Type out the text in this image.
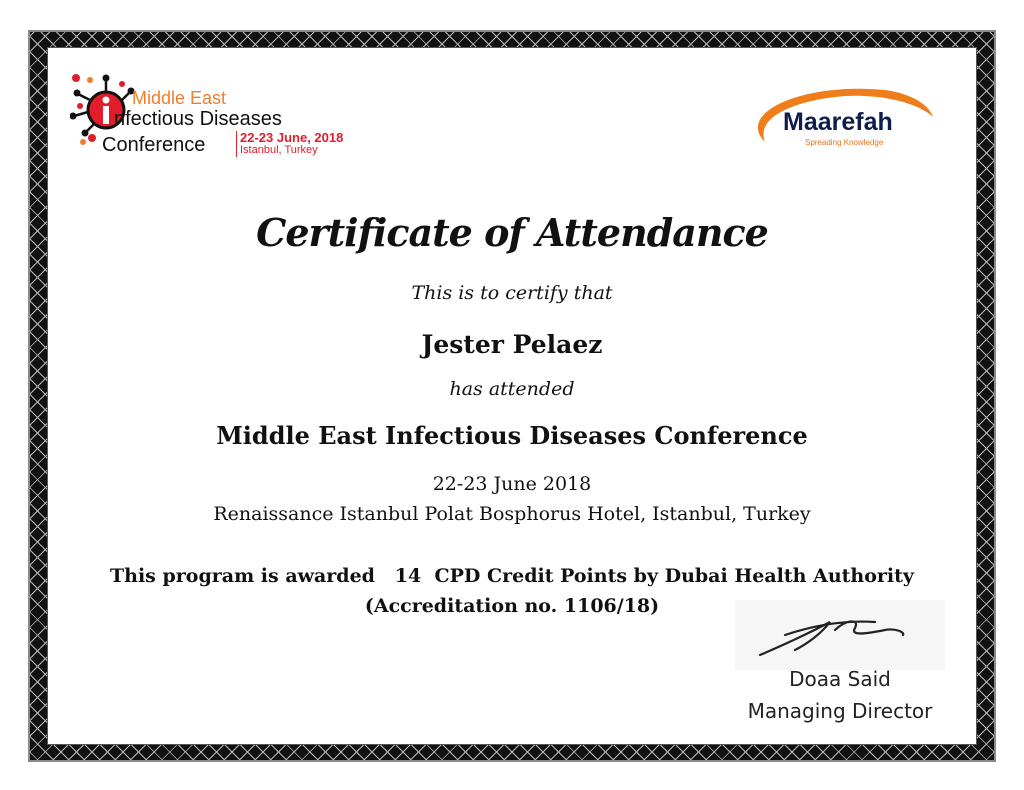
Middle East
nfectious Diseases
Conference	22-23 June, 2018
Istanbul, Turkey
Maarefah
Spreading Knowledge
Certificate of Attendance
This is to certify that
Jester Pelaez
has attended
Middle East Infectious Diseases Conference
22-23 June 2018
Renaissance Istanbul Polat Bosphorus Hotel, Istanbul, Turkey
This program is awarded   14  CPD Credit Points by Dubai Health Authority
(Accreditation no. 1106/18)
Doaa Said
Managing Director
